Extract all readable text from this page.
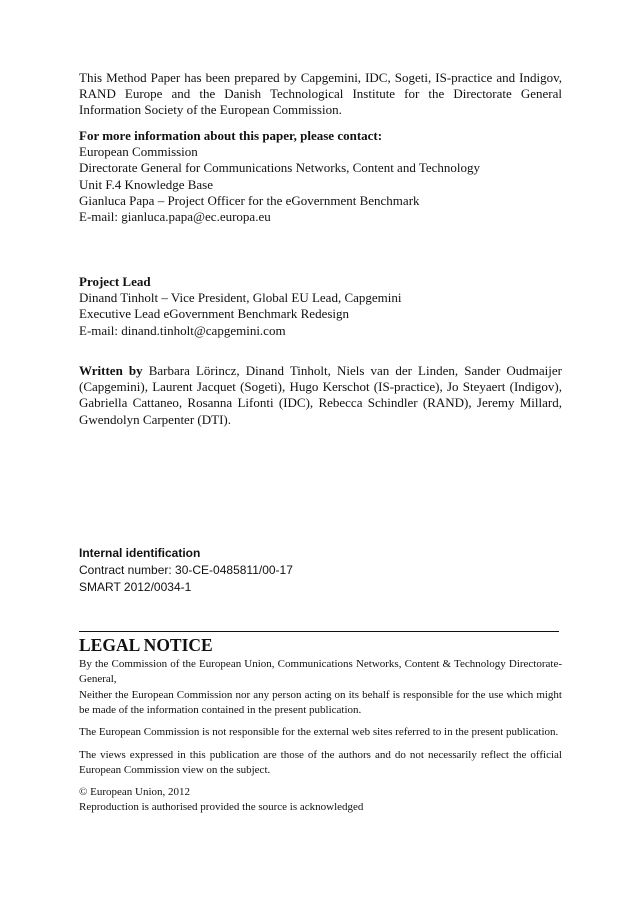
This Method Paper has been prepared by Capgemini, IDC, Sogeti, IS-practice and Indigov, RAND Europe and the Danish Technological Institute for the Directorate General Information Society of the European Commission.
For more information about this paper, please contact:
European Commission
Directorate General for Communications Networks, Content and Technology
Unit F.4 Knowledge Base
Gianluca Papa – Project Officer for the eGovernment Benchmark
E-mail: gianluca.papa@ec.europa.eu
Project Lead
Dinand Tinholt – Vice President, Global EU Lead, Capgemini
Executive Lead eGovernment Benchmark Redesign
E-mail: dinand.tinholt@capgemini.com
Written by Barbara Lörincz, Dinand Tinholt, Niels van der Linden, Sander Oudmaijer (Capgemini), Laurent Jacquet (Sogeti), Hugo Kerschot (IS-practice), Jo Steyaert (Indigov), Gabriella Cattaneo, Rosanna Lifonti (IDC), Rebecca Schindler (RAND), Jeremy Millard, Gwendolyn Carpenter (DTI).
Internal identification
Contract number: 30-CE-0485811/00-17
SMART 2012/0034-1
LEGAL NOTICE
By the Commission of the European Union, Communications Networks, Content & Technology Directorate-General,
Neither the European Commission nor any person acting on its behalf is responsible for the use which might be made of the information contained in the present publication.
The European Commission is not responsible for the external web sites referred to in the present publication.
The views expressed in this publication are those of the authors and do not necessarily reflect the official European Commission view on the subject.
© European Union, 2012
Reproduction is authorised provided the source is acknowledged
